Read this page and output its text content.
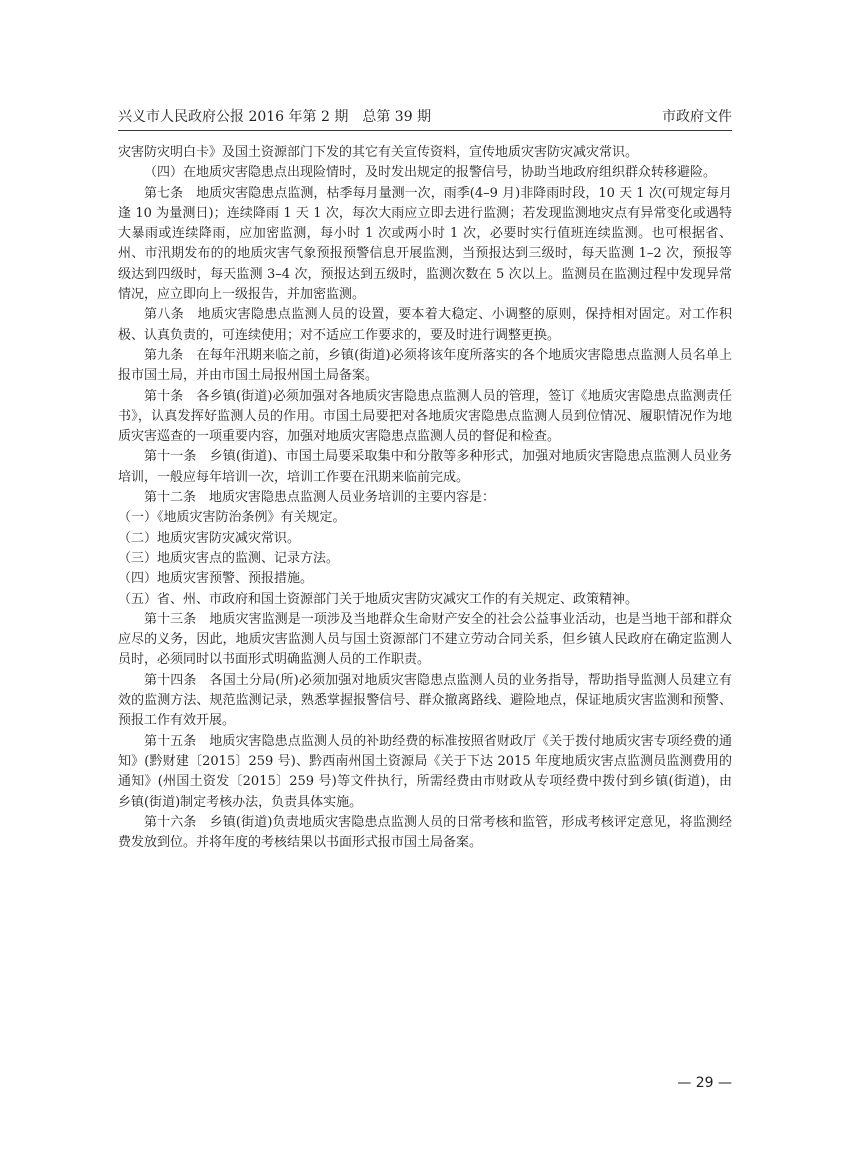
兴义市人民政府公报 2016 年第 2 期　总第 39 期	市政府文件

灾害防灾明白卡》及国土资源部门下发的其它有关宣传资料，宣传地质灾害防灾减灾常识。

（四）在地质灾害隐患点出现险情时，及时发出规定的报警信号，协助当地政府组织群众转移避险。

第七条　地质灾害隐患点监测，枯季每月量测一次，雨季(4–9 月)非降雨时段，10 天 1 次(可规定每月逢 10 为量测日)；连续降雨 1 天 1 次，每次大雨应立即去进行监测；若发现监测地灾点有异常变化或遇特大暴雨或连续降雨，应加密监测，每小时 1 次或两小时 1 次，必要时实行值班连续监测。也可根据省、州、市汛期发布的的地质灾害气象预报预警信息开展监测，当预报达到三级时，每天监测 1–2 次，预报等级达到四级时，每天监测 3–4 次，预报达到五级时，监测次数在 5 次以上。监测员在监测过程中发现异常情况，应立即向上一级报告，并加密监测。

第八条　地质灾害隐患点监测人员的设置，要本着大稳定、小调整的原则，保持相对固定。对工作积极、认真负责的，可连续使用；对不适应工作要求的，要及时进行调整更换。

第九条　在每年汛期来临之前，乡镇(街道)必须将该年度所落实的各个地质灾害隐患点监测人员名单上报市国土局，并由市国土局报州国土局备案。

第十条　各乡镇(街道)必须加强对各地质灾害隐患点监测人员的管理，签订《地质灾害隐患点监测责任书》，认真发挥好监测人员的作用。市国土局要把对各地质灾害隐患点监测人员到位情况、履职情况作为地质灾害巡查的一项重要内容，加强对地质灾害隐患点监测人员的督促和检查。

第十一条　乡镇(街道)、市国土局要采取集中和分散等多种形式，加强对地质灾害隐患点监测人员业务培训，一般应每年培训一次，培训工作要在汛期来临前完成。

第十二条　地质灾害隐患点监测人员业务培训的主要内容是：

（一）《地质灾害防治条例》有关规定。

（二）地质灾害防灾减灾常识。

（三）地质灾害点的监测、记录方法。

（四）地质灾害预警、预报措施。

（五）省、州、市政府和国土资源部门关于地质灾害防灾减灾工作的有关规定、政策精神。

第十三条　地质灾害监测是一项涉及当地群众生命财产安全的社会公益事业活动，也是当地干部和群众应尽的义务，因此，地质灾害监测人员与国土资源部门不建立劳动合同关系，但乡镇人民政府在确定监测人员时，必须同时以书面形式明确监测人员的工作职责。

第十四条　各国土分局(所)必须加强对地质灾害隐患点监测人员的业务指导，帮助指导监测人员建立有效的监测方法、规范监测记录，熟悉掌握报警信号、群众撤离路线、避险地点，保证地质灾害监测和预警、预报工作有效开展。

第十五条　地质灾害隐患点监测人员的补助经费的标准按照省财政厅《关于拨付地质灾害专项经费的通知》(黔财建〔2015〕259 号)、黔西南州国土资源局《关于下达 2015 年度地质灾害点监测员监测费用的通知》(州国土资发〔2015〕259 号)等文件执行，所需经费由市财政从专项经费中拨付到乡镇(街道)，由乡镇(街道)制定考核办法，负责具体实施。

第十六条　乡镇(街道)负责地质灾害隐患点监测人员的日常考核和监管，形成考核评定意见，将监测经费发放到位。并将年度的考核结果以书面形式报市国土局备案。

— 29 —
